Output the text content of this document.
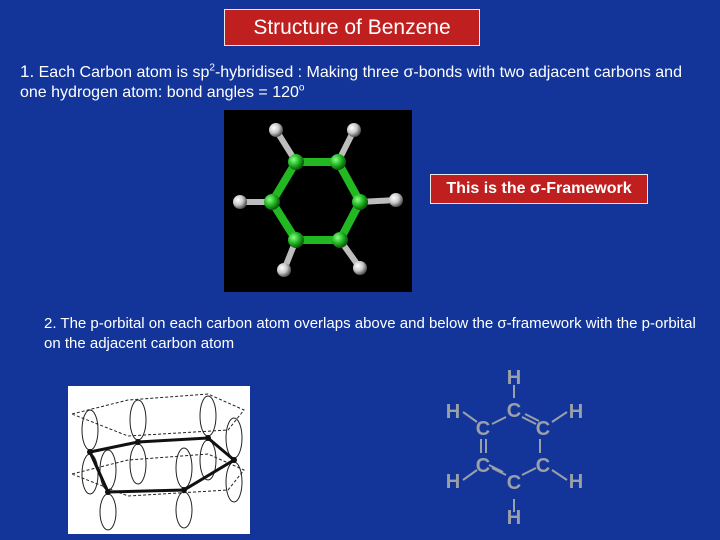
Structure of Benzene
1. Each Carbon atom is $sp^2$-hybridised : Making three σ-bonds with two adjacent carbons and one hydrogen atom: bond angles = $120^o$
This is the σ-Framework
2. The p-orbital on each carbon atom overlaps above and below the σ-framework with the p-orbital on the adjacent carbon atom
H
C
H
C
H
C
C
H
C
H
C
H
